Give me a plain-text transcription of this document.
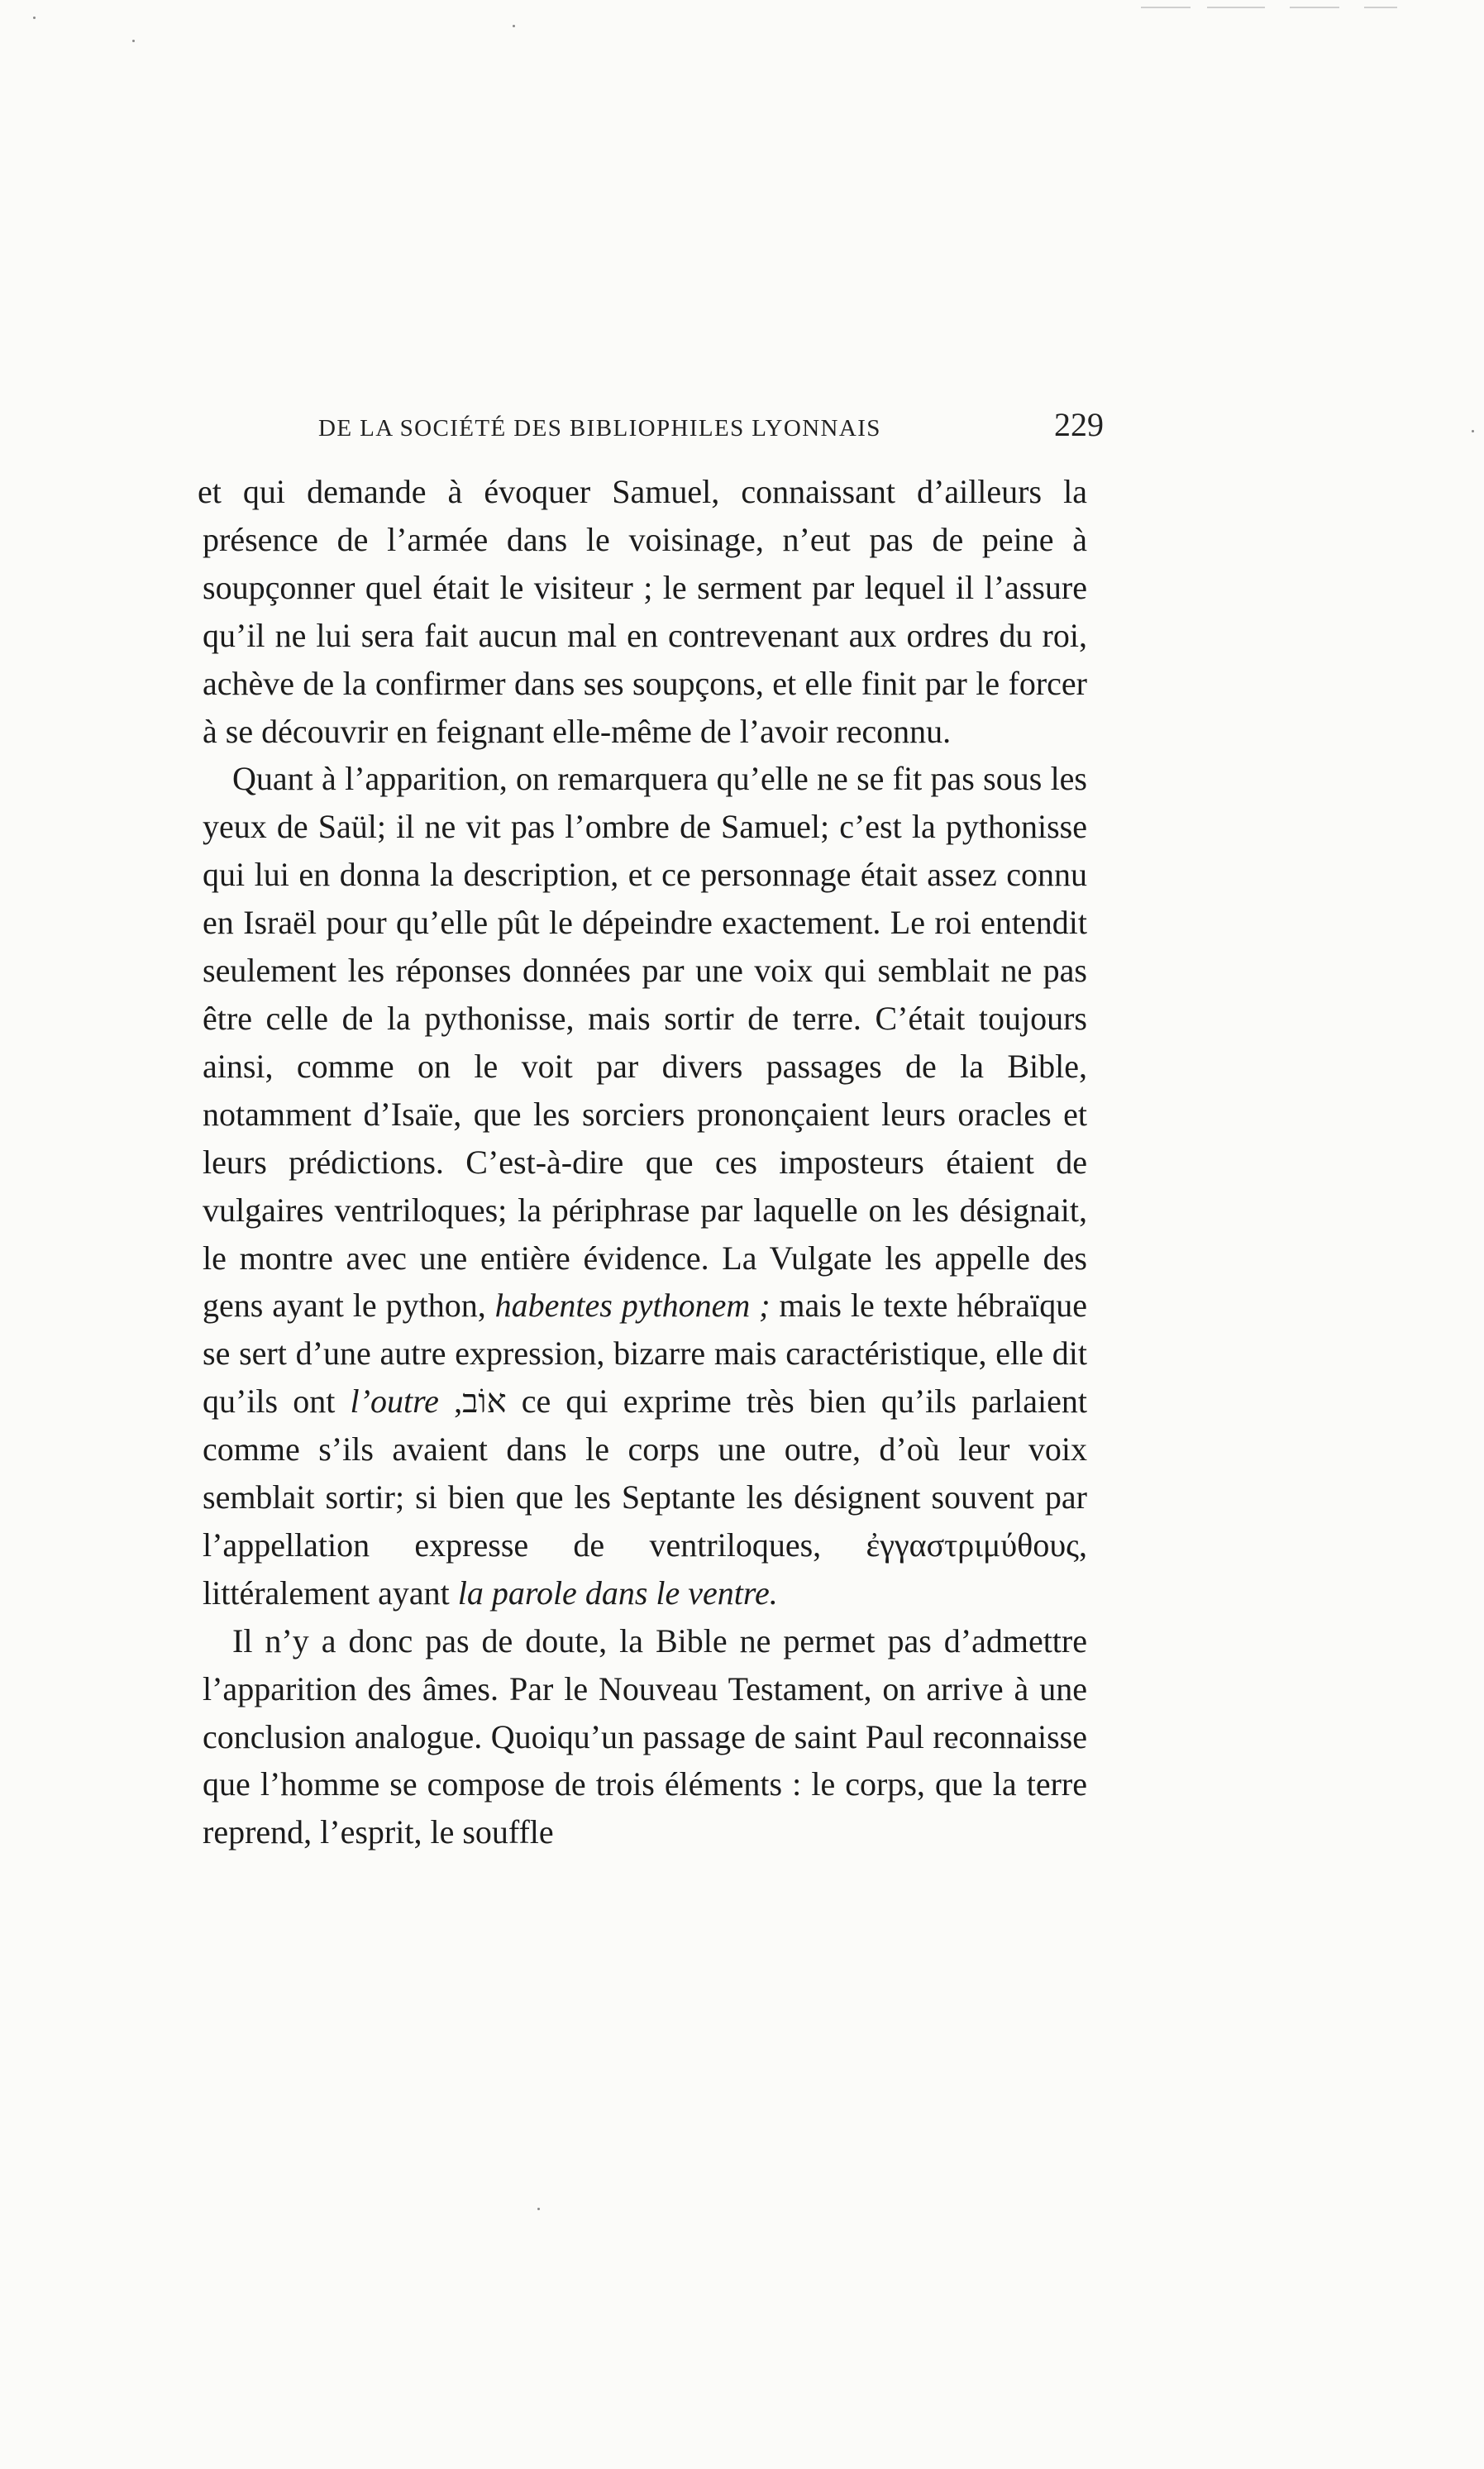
DE LA SOCIÉTÉ DES BIBLIOPHILES LYONNAIS	229

et qui demande à évoquer Samuel, connaissant d’ailleurs la présence de l’armée dans le voisinage, n’eut pas de peine à soupçonner quel était le visiteur ; le serment par lequel il l’assure qu’il ne lui sera fait aucun mal en contrevenant aux ordres du roi, achève de la confirmer dans ses soupçons, et elle finit par le forcer à se découvrir en feignant elle-même de l’avoir reconnu.

Quant à l’apparition, on remarquera qu’elle ne se fit pas sous les yeux de Saül; il ne vit pas l’ombre de Samuel; c’est la pythonisse qui lui en donna la description, et ce personnage était assez connu en Israël pour qu’elle pût le dépeindre exactement. Le roi entendit seulement les réponses données par une voix qui semblait ne pas être celle de la pythonisse, mais sortir de terre. C’était toujours ainsi, comme on le voit par divers passages de la Bible, notamment d’Isaïe, que les sorciers prononçaient leurs oracles et leurs prédictions. C’est-à-dire que ces imposteurs étaient de vulgaires ventriloques; la périphrase par laquelle on les désignait, le montre avec une entière évidence. La Vulgate les appelle des gens ayant le python, habentes pythonem ; mais le texte hébraïque se sert d’une autre expression, bizarre mais caractéristique, elle dit qu’ils ont l’outre אוֹב, ce qui exprime très bien qu’ils parlaient comme s’ils avaient dans le corps une outre, d’où leur voix semblait sortir; si bien que les Septante les désignent souvent par l’appellation expresse de ventriloques, ἐγγαστριμύθους, littéralement ayant la parole dans le ventre.

Il n’y a donc pas de doute, la Bible ne permet pas d’admettre l’apparition des âmes. Par le Nouveau Testament, on arrive à une conclusion analogue. Quoiqu’un passage de saint Paul reconnaisse que l’homme se compose de trois éléments : le corps, que la terre reprend, l’esprit, le souffle
